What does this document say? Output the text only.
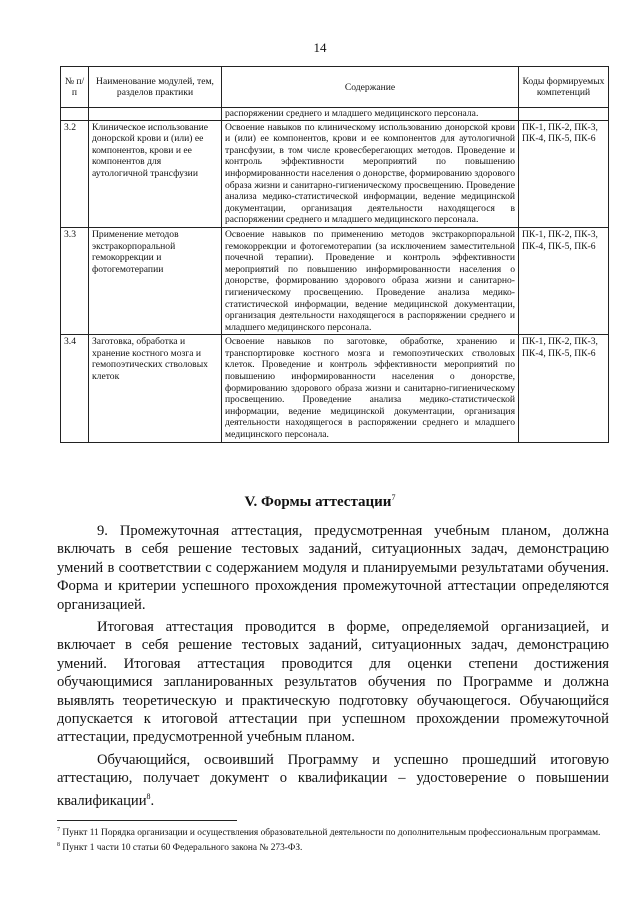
14
№ п/п	Наименование модулей, тем, разделов практики	Содержание	Коды формируемых компетенций
		распоряжении среднего и младшего медицинского персонала.	
3.2	Клиническое использование донорской крови и (или) ее компонентов, крови и ее компонентов для аутологичной трансфузии	Освоение навыков по клиническому использованию донорской крови и (или) ее компонентов, крови и ее компонентов для аутологичной трансфузии, в том числе кровесберегающих методов. Проведение и контроль эффективности мероприятий по повышению информированности населения о донорстве, формированию здорового образа жизни и санитарно-гигиеническому просвещению. Проведение анализа медико-статистической информации, ведение медицинской документации, организация деятельности находящегося в распоряжении среднего и младшего медицинского персонала.	ПК-1, ПК-2, ПК-3, ПК-4, ПК-5, ПК-6
3.3	Применение методов экстракорпоральной гемокоррекции и фотогемотерапии	Освоение навыков по применению методов экстракорпоральной гемокоррекции и фотогемотерапии (за исключением заместительной почечной терапии). Проведение и контроль эффективности мероприятий по повышению информированности населения о донорстве, формированию здорового образа жизни и санитарно-гигиеническому просвещению. Проведение анализа медико-статистической информации, ведение медицинской документации, организация деятельности находящегося в распоряжении среднего и младшего медицинского персонала.	ПК-1, ПК-2, ПК-3, ПК-4, ПК-5, ПК-6
3.4	Заготовка, обработка и хранение костного мозга и гемопоэтических стволовых клеток	Освоение навыков по заготовке, обработке, хранению и транспортировке костного мозга и гемопоэтических стволовых клеток. Проведение и контроль эффективности мероприятий по повышению информированности населения о донорстве, формированию здорового образа жизни и санитарно-гигиеническому просвещению. Проведение анализа медико-статистической информации, ведение медицинской документации, организация деятельности находящегося в распоряжении среднего и младшего медицинского персонала.	ПК-1, ПК-2, ПК-3, ПК-4, ПК-5, ПК-6
V. Формы аттестации$^7$

9. Промежуточная аттестация, предусмотренная учебным планом, должна включать в себя решение тестовых заданий, ситуационных задач, демонстрацию умений в соответствии с содержанием модуля и планируемыми результатами обучения. Форма и критерии успешного прохождения промежуточной аттестации определяются организацией.

Итоговая аттестация проводится в форме, определяемой организацией, и включает в себя решение тестовых заданий, ситуационных задач, демонстрацию умений. Итоговая аттестация проводится для оценки степени достижения обучающимися запланированных результатов обучения по Программе и должна выявлять теоретическую и практическую подготовку обучающегося. Обучающийся допускается к итоговой аттестации при успешном прохождении промежуточной аттестации, предусмотренной учебным планом.

Обучающийся, освоивший Программу и успешно прошедший итоговую аттестацию, получает документ о квалификации – удостоверение о повышении квалификации$^8$.

$^7$ Пункт 11 Порядка организации и осуществления образовательной деятельности по дополнительным профессиональным программам.

$^8$ Пункт 1 части 10 статьи 60 Федерального закона № 273-ФЗ.
